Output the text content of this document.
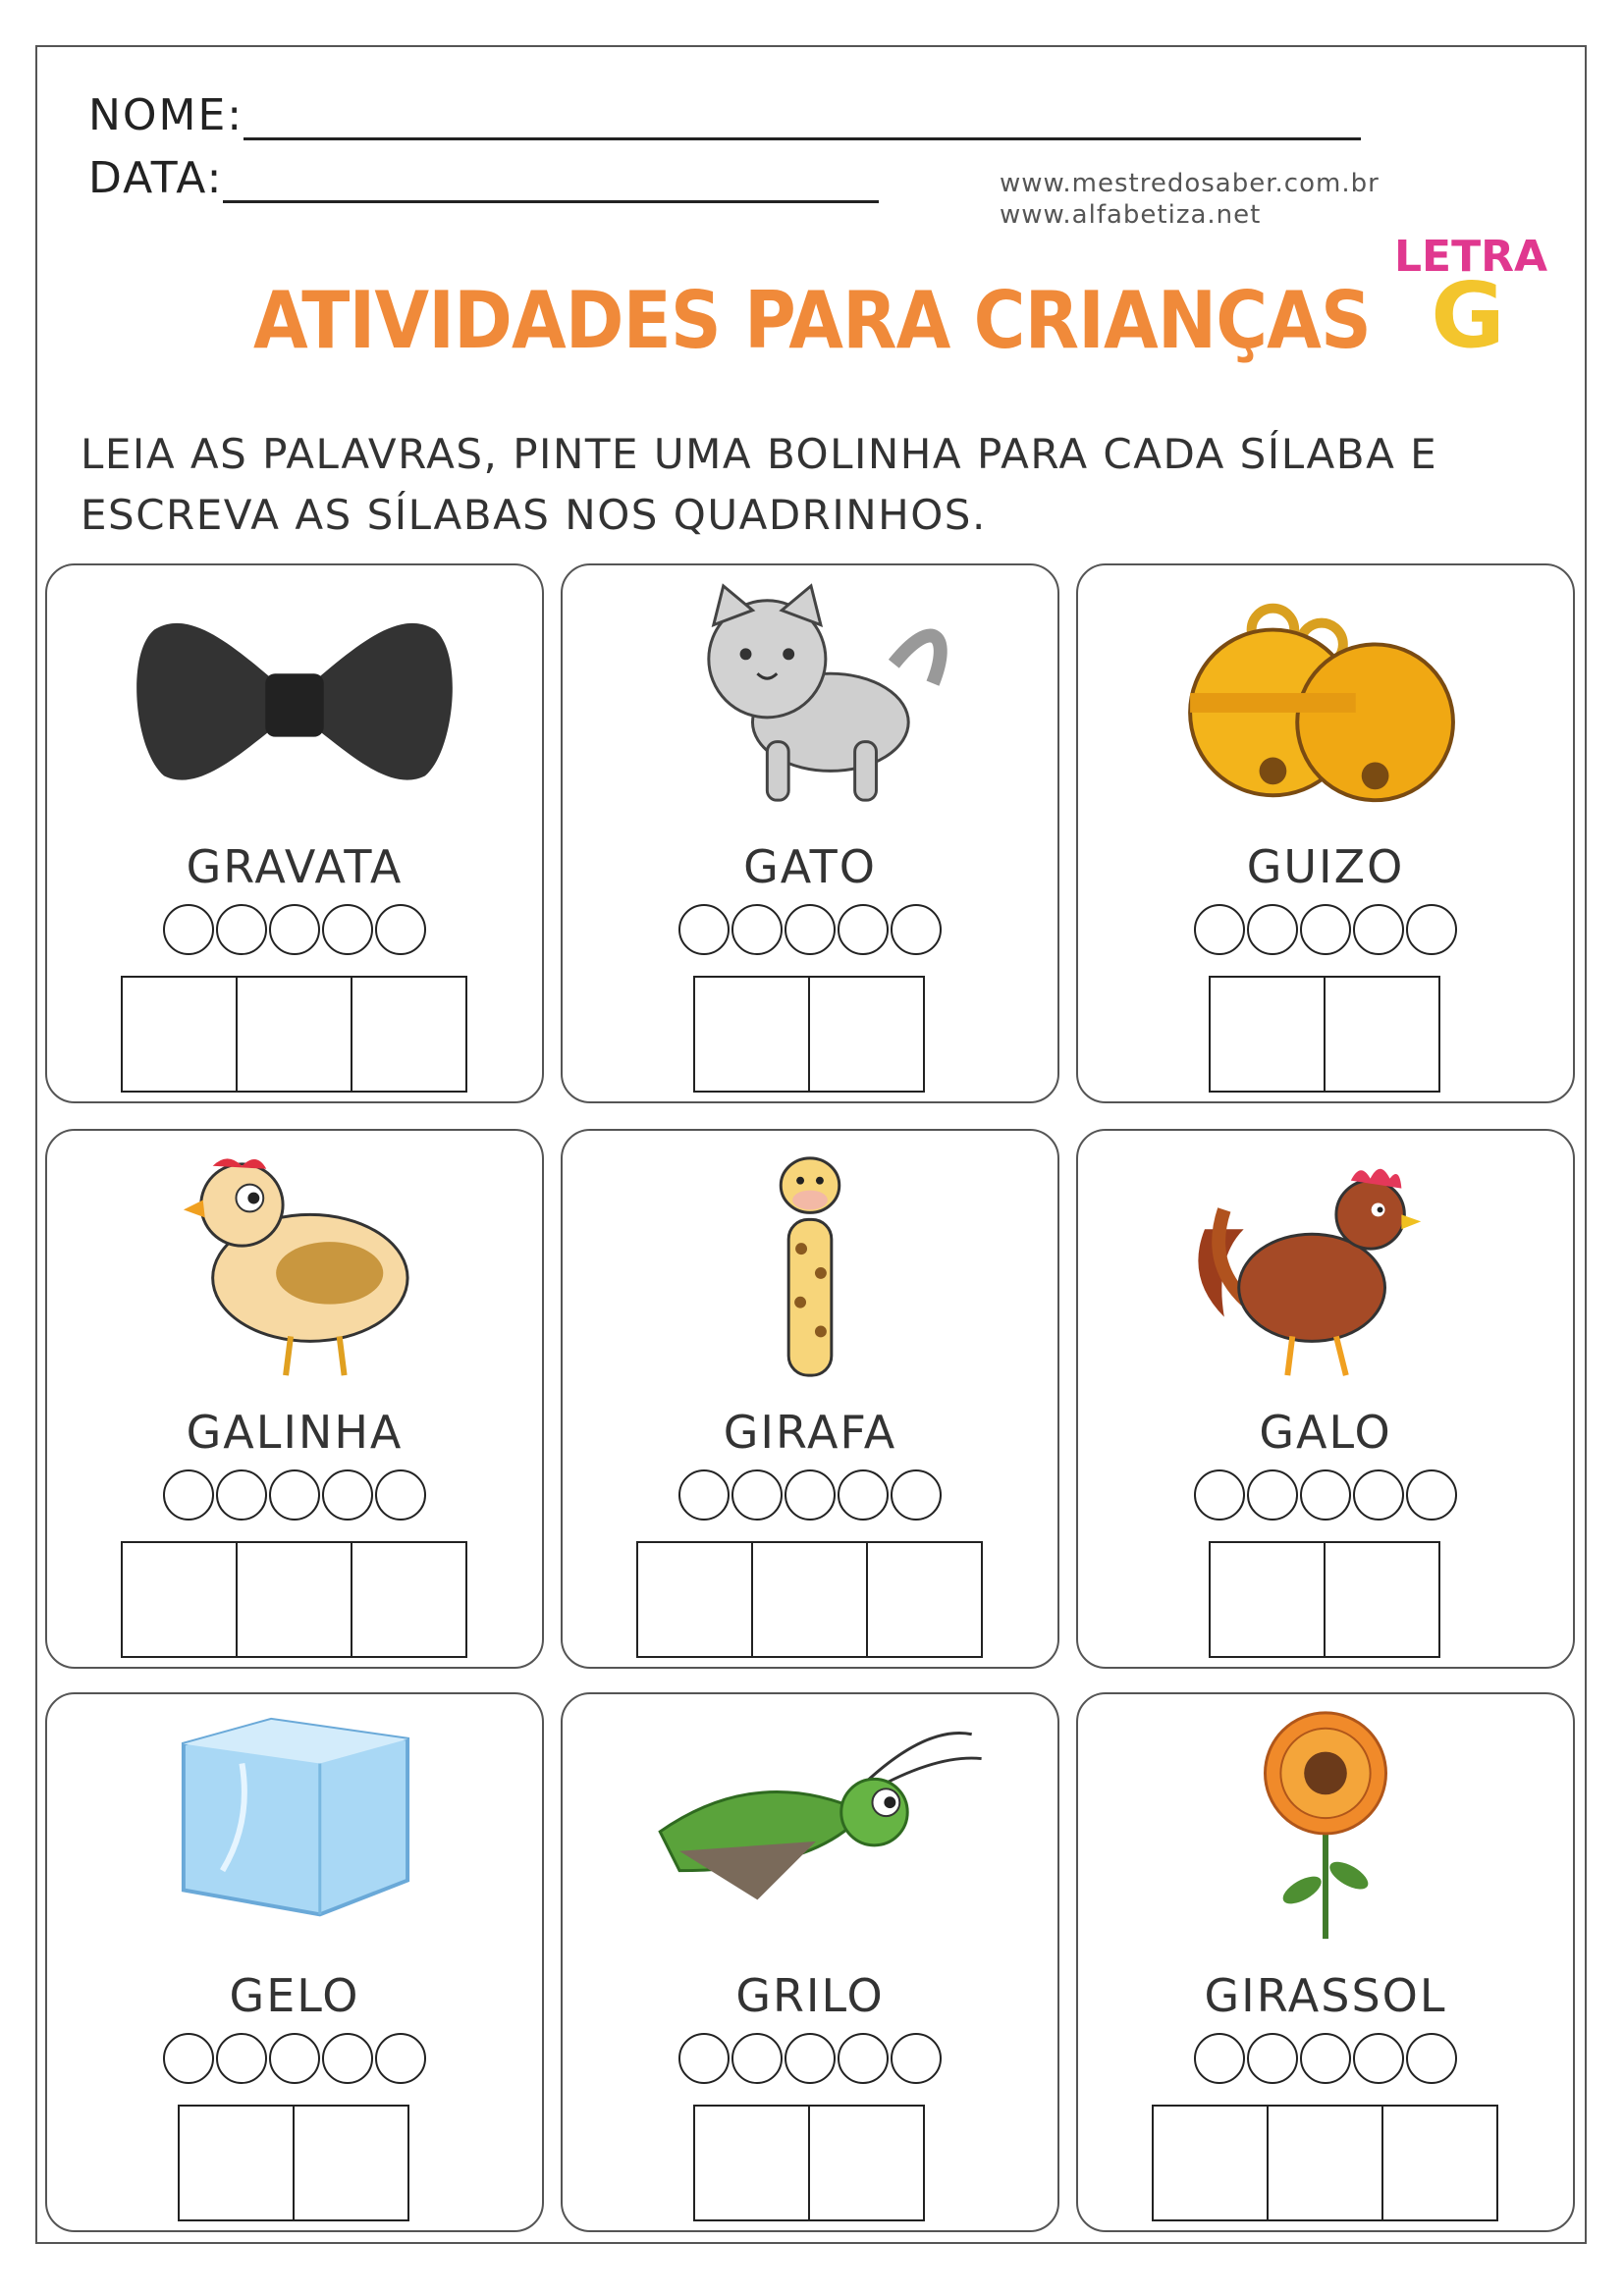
NOME:
DATA:	www.mestredosaber.com.br
www.alfabetiza.net
ATIVIDADES PARA CRIANÇAS
LETRA
G
LEIA AS PALAVRAS, PINTE UMA BOLINHA PARA CADA SÍLABA E
ESCREVA AS SÍLABAS NOS QUADRINHOS.
GRAVATA	GATO	GUIZO
GALINHA	GIRAFA	GALO
GELO	GRILO	GIRASSOL
